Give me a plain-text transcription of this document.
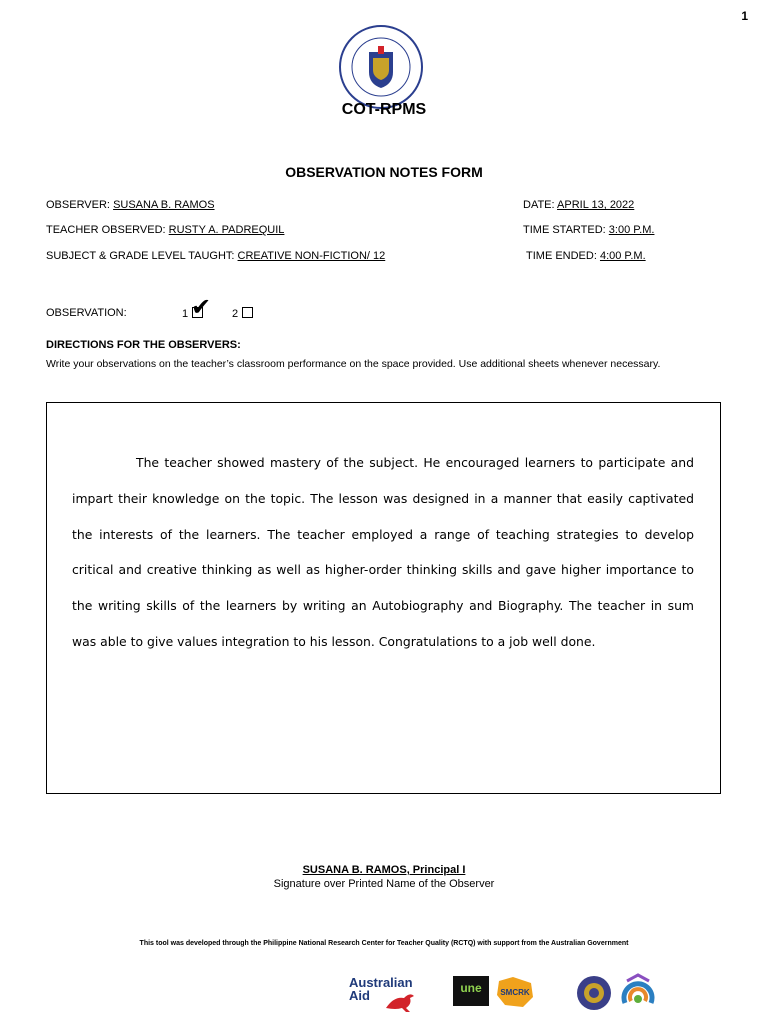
1
COT-RPMS
OBSERVATION NOTES FORM
OBSERVER: SUSANA B. RAMOS	DATE: APRIL 13, 2022
TEACHER OBSERVED: RUSTY A. PADREQUIL	TIME STARTED: 3:00 P.M.
SUBJECT & GRADE LEVEL TAUGHT: CREATIVE NON-FICTION/ 12	TIME ENDED: 4:00 P.M.
OBSERVATION:	1 ✔ 2
DIRECTIONS FOR THE OBSERVERS:
Write your observations on the teacher’s classroom performance on the space provided. Use additional sheets whenever necessary.

The teacher showed mastery of the subject. He encouraged learners to participate and impart their knowledge on the topic. The lesson was designed in a manner that easily captivated the interests of the learners. The teacher employed a range of teaching strategies to develop critical and creative thinking as well as higher-order thinking skills and gave higher importance to the writing skills of the learners by writing an Autobiography and Biography. The teacher in sum was able to give values integration to his lesson. Congratulations to a job well done.

SUSANA B. RAMOS, Principal I
Signature over Printed Name of the Observer
This tool was developed through the Philippine National Research Center for Teacher Quality (RCTQ) with support from the Australian Government
Australian Aid	une	SMCRK
